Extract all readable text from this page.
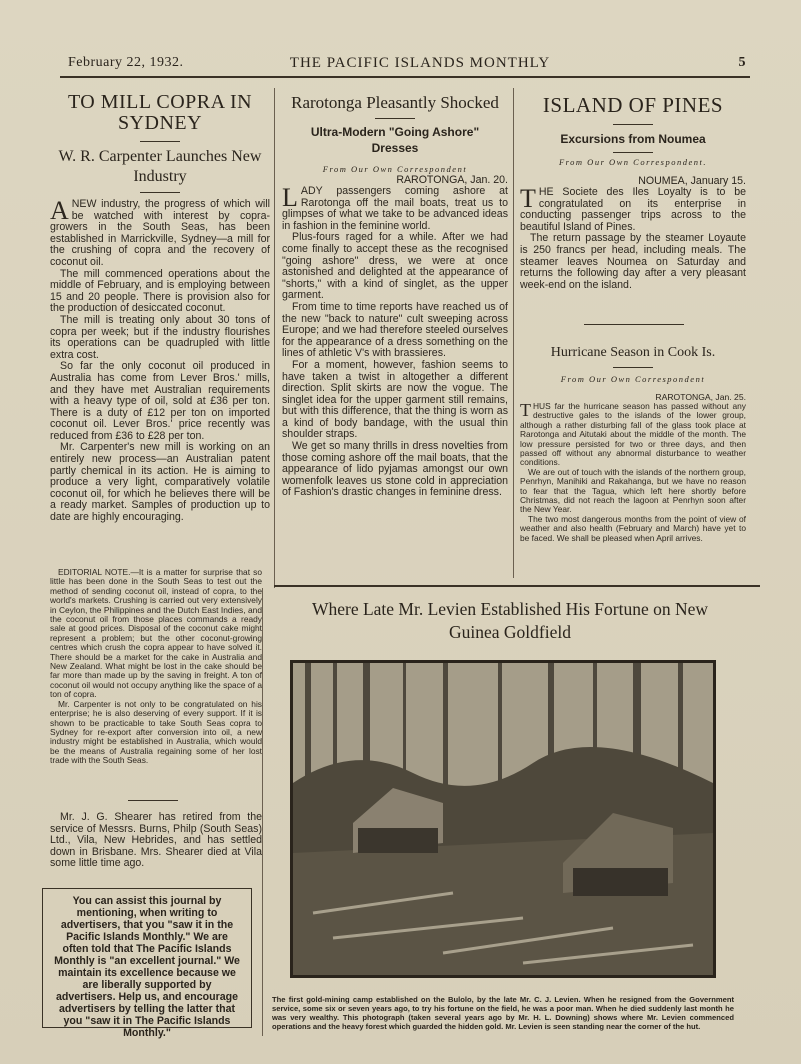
February 22, 1932.	THE PACIFIC ISLANDS MONTHLY	5
TO MILL COPRA IN SYDNEY
W. R. Carpenter Launches New Industry
ANEW industry, the progress of which will be watched with interest by copra-growers in the South Seas, has been established in Marrickville, Sydney—a mill for the crushing of copra and the recovery of coconut oil.

The mill commenced operations about the middle of February, and is employing between 15 and 20 people. There is provision also for the production of desiccated coconut.

The mill is treating only about 30 tons of copra per week; but if the industry flourishes its operations can be quadrupled with little extra cost.

So far the only coconut oil produced in Australia has come from Lever Bros.' mills, and they have met Australian requirements with a heavy type of oil, sold at £36 per ton. There is a duty of £12 per ton on imported coconut oil. Lever Bros.' price recently was reduced from £36 to £28 per ton.

Mr. Carpenter's new mill is working on an entirely new process—an Australian patent partly chemical in its action. He is aiming to produce a very light, comparatively volatile coconut oil, for which he believes there will be a ready market. Samples of production up to date are highly encouraging.

EDITORIAL NOTE.—It is a matter for surprise that so little has been done in the South Seas to test out the method of sending coconut oil, instead of copra, to the world's markets. Crushing is carried out very extensively in Ceylon, the Philippines and the Dutch East Indies, and the coconut oil from those places commands a ready sale at good prices. Disposal of the coconut cake might represent a problem; but the other coconut-growing centres which crush the copra appear to have solved it. There should be a market for the cake in Australia and New Zealand. What might be lost in the cake should be far more than made up by the saving in freight. A ton of coconut oil would not occupy anything like the space of a ton of copra.

Mr. Carpenter is not only to be congratulated on his enterprise; he is also deserving of every support. If it is shown to be practicable to take South Seas copra to Sydney for re-export after conversion into oil, a new industry might be established in Australia, which would be the means of Australia regaining some of her lost trade with the South Seas.

Mr. J. G. Shearer has retired from the service of Messrs. Burns, Philp (South Seas) Ltd., Vila, New Hebrides, and has settled down in Brisbane. Mrs. Shearer died at Vila some little time ago.

You can assist this journal by mentioning, when writing to advertisers, that you "saw it in the Pacific Islands Monthly." We are often told that The Pacific Islands Monthly is "an excellent journal." We maintain its excellence because we are liberally supported by advertisers. Help us, and encourage advertisers by telling the latter that you "saw it in The Pacific Islands Monthly."
Rarotonga Pleasantly Shocked
Ultra-Modern "Going Ashore"
Dresses
From Our Own Correspondent
RAROTONGA, Jan. 20.
LADY passengers coming ashore at Rarotonga off the mail boats, treat us to glimpses of what we take to be advanced ideas in fashion in the feminine world.

Plus-fours raged for a while. After we had come finally to accept these as the recognised "going ashore" dress, we were at once astonished and delighted at the appearance of "shorts," with a kind of singlet, as the upper garment.

From time to time reports have reached us of the new "back to nature" cult sweeping across Europe; and we had therefore steeled ourselves for the appearance of a dress something on the lines of athletic V's with brassieres.

For a moment, however, fashion seems to have taken a twist in altogether a different direction. Split skirts are now the vogue. The singlet idea for the upper garment still remains, but with this difference, that the thing is worn as a kind of body bandage, with the usual thin shoulder straps.

We get so many thrills in dress novelties from those coming ashore off the mail boats, that the appearance of lido pyjamas amongst our own womenfolk leaves us stone cold in appreciation of Fashion's drastic changes in feminine dress.

ISLAND OF PINES
Excursions from Noumea
From Our Own Correspondent.
NOUMEA, January 15.
THE Societe des Iles Loyalty is to be congratulated on its enterprise in conducting passenger trips across to the beautiful Island of Pines.

The return passage by the steamer Loyaute is 250 francs per head, including meals. The steamer leaves Noumea on Saturday and returns the following day after a very pleasant week-end on the island.

Hurricane Season in Cook Is.
From Our Own Correspondent
RAROTONGA, Jan. 25.
THUS far the hurricane season has passed without any destructive gales to the islands of the lower group, although a rather disturbing fall of the glass took place at Rarotonga and Aitutaki about the middle of the month. The low pressure persisted for two or three days, and then passed off without any abnormal disturbance to weather conditions.

We are out of touch with the islands of the northern group, Penrhyn, Manihiki and Rakahanga, but we have no reason to fear that the Tagua, which left here shortly before Christmas, did not reach the lagoon at Penrhyn soon after the New Year.

The two most dangerous months from the point of view of weather and also health (February and March) have yet to be faced. We shall be pleased when April arrives.

Where Late Mr. Levien Established His Fortune on New Guinea Goldfield
The first gold-mining camp established on the Bulolo, by the late Mr. C. J. Levien. When he resigned from the Government service, some six or seven years ago, to try his fortune on the field, he was a poor man. When he died suddenly last month he was very wealthy. This photograph (taken several years ago by Mr. H. L. Downing) shows where Mr. Levien commenced operations and the heavy forest which guarded the hidden gold. Mr. Levien is seen standing near the corner of the hut.
